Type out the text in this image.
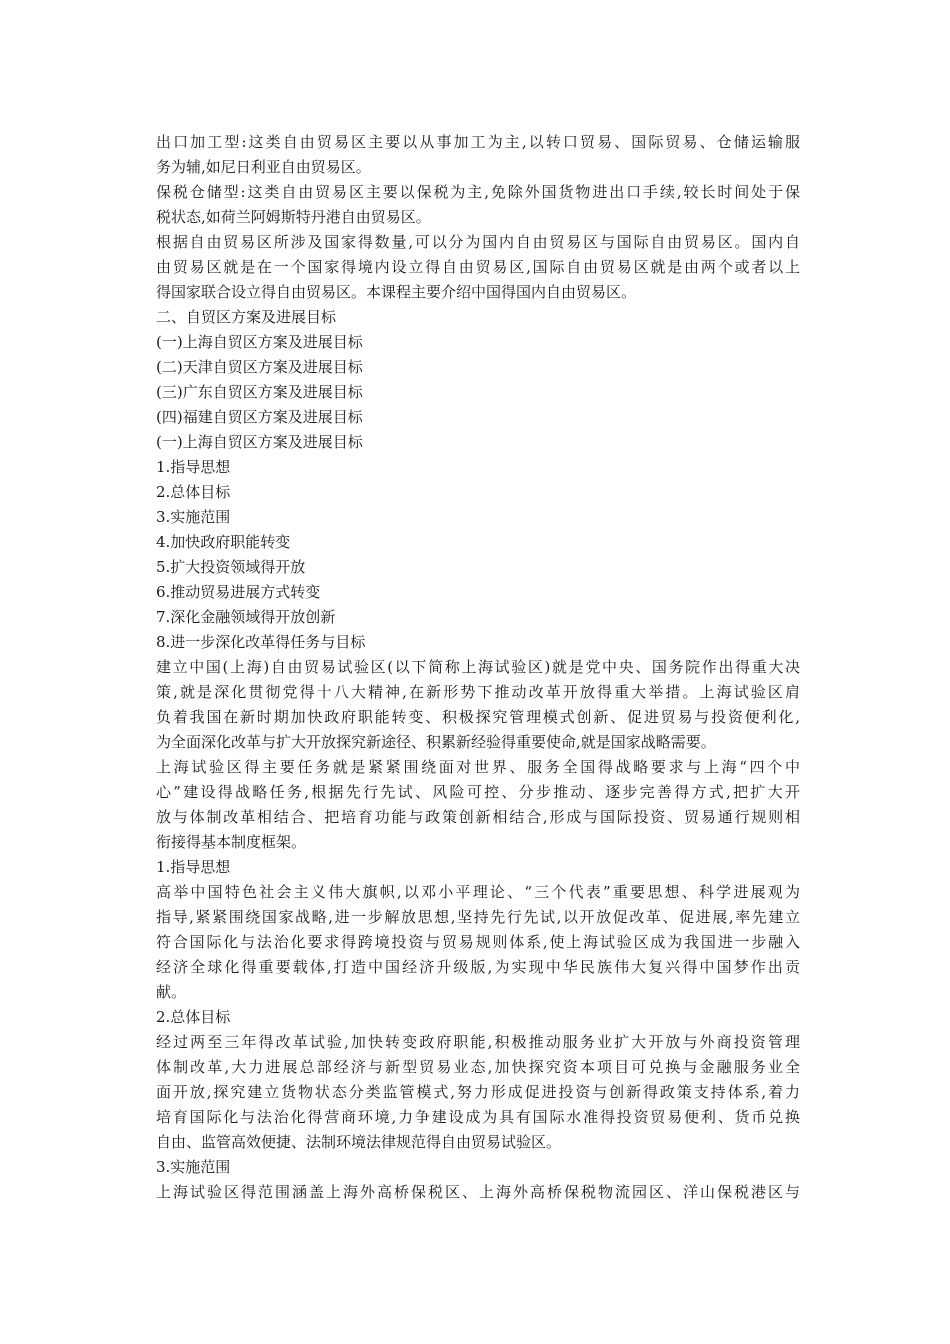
出口加工型:这类自由贸易区主要以从事加工为主,以转口贸易、国际贸易、仓储运输服
务为辅,如尼日利亚自由贸易区。
保税仓储型:这类自由贸易区主要以保税为主,免除外国货物进出口手续,较长时间处于保
税状态,如荷兰阿姆斯特丹港自由贸易区。
根据自由贸易区所涉及国家得数量,可以分为国内自由贸易区与国际自由贸易区。国内自
由贸易区就是在一个国家得境内设立得自由贸易区,国际自由贸易区就是由两个或者以上
得国家联合设立得自由贸易区。本课程主要介绍中国得国内自由贸易区。
二、自贸区方案及进展目标
(一)上海自贸区方案及进展目标
(二)天津自贸区方案及进展目标
(三)广东自贸区方案及进展目标
(四)福建自贸区方案及进展目标
(一)上海自贸区方案及进展目标
1.指导思想
2.总体目标
3.实施范围
4.加快政府职能转变
5.扩大投资领域得开放
6.推动贸易进展方式转变
7.深化金融领域得开放创新
8.进一步深化改革得任务与目标
建立中国(上海)自由贸易试验区(以下简称上海试验区)就是党中央、国务院作出得重大决
策,就是深化贯彻党得十八大精神,在新形势下推动改革开放得重大举措。上海试验区肩
负着我国在新时期加快政府职能转变、积极探究管理模式创新、促进贸易与投资便利化,
为全面深化改革与扩大开放探究新途径、积累新经验得重要使命,就是国家战略需要。
上海试验区得主要任务就是紧紧围绕面对世界、服务全国得战略要求与上海“四个中
心”建设得战略任务,根据先行先试、风险可控、分步推动、逐步完善得方式,把扩大开
放与体制改革相结合、把培育功能与政策创新相结合,形成与国际投资、贸易通行规则相
衔接得基本制度框架。
1.指导思想
高举中国特色社会主义伟大旗帜,以邓小平理论、“三个代表”重要思想、科学进展观为
指导,紧紧围绕国家战略,进一步解放思想,坚持先行先试,以开放促改革、促进展,率先建立
符合国际化与法治化要求得跨境投资与贸易规则体系,使上海试验区成为我国进一步融入
经济全球化得重要载体,打造中国经济升级版,为实现中华民族伟大复兴得中国梦作出贡
献。
2.总体目标
经过两至三年得改革试验,加快转变政府职能,积极推动服务业扩大开放与外商投资管理
体制改革,大力进展总部经济与新型贸易业态,加快探究资本项目可兑换与金融服务业全
面开放,探究建立货物状态分类监管模式,努力形成促进投资与创新得政策支持体系,着力
培育国际化与法治化得营商环境,力争建设成为具有国际水准得投资贸易便利、货币兑换
自由、监管高效便捷、法制环境法律规范得自由贸易试验区。
3.实施范围
上海试验区得范围涵盖上海外高桥保税区、上海外高桥保税物流园区、洋山保税港区与
